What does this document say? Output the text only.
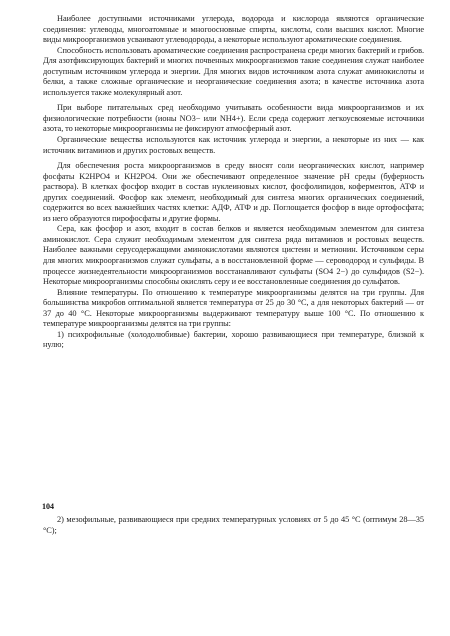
Наиболее доступными источниками углерода, водорода и кислорода являются органические соединения: углеводы, многоатомные и многоосновные спирты, кислоты, соли высших кислот. Многие виды микроорганизмов усваивают углеводороды, а некоторые используют ароматические соединения.

Способность использовать ароматические соединения распространена среди многих бактерий и грибов. Для азотфиксирующих бактерий и многих почвенных микроорганизмов такие соединения служат наиболее доступным источником углерода и энергии. Для многих видов источником азота служат аминокислоты и белки, а также сложные органические и неорганические соединения азота; в качестве источника азота используется также молекулярный азот.

При выборе питательных сред необходимо учитывать особенности вида микроорганизмов и их физиологические потребности (ионы NO3− или NH4+). Если среда содержит легкоусвояемые источники азота, то некоторые микроорганизмы не фиксируют атмосферный азот.

Органические вещества используются как источник углерода и энергии, а некоторые из них — как источник витаминов и других ростовых веществ.

Для обеспечения роста микроорганизмов в среду вносят соли неорганических кислот, например фосфаты K2HPO4 и KH2PO4. Они же обеспечивают определенное значение pH среды (буферность раствора). В клетках фосфор входит в состав нуклеиновых кислот, фосфолипидов, коферментов, АТФ и других соединений. Фосфор как элемент, необходимый для синтеза многих органических соединений, содержится во всех важнейших частях клетки: АДФ, АТФ и др. Поглощается фосфор в виде ортофосфата; из него образуются пирофосфаты и другие формы.

Сера, как фосфор и азот, входит в состав белков и является необходимым элементом для синтеза аминокислот. Сера служит необходимым элементом для синтеза ряда витаминов и ростовых веществ. Наиболее важными серусодержащими аминокислотами являются цистеин и метионин. Источником серы для многих микроорганизмов служат сульфаты, а в восстановленной форме — сероводород и сульфиды. В процессе жизнедеятельности микроорганизмов восстанавливают сульфаты (SO4 2−) до сульфидов (S2−). Некоторые микроорганизмы способны окислять серу и ее восстановленные соединения до сульфатов.

Влияние температуры. По отношению к температуре микроорганизмы делятся на три группы. Для большинства микробов оптимальной является температура от 25 до 30 °С, а для некоторых бактерий — от 37 до 40 °С. Некоторые микроорганизмы выдерживают температуру выше 100 °С. По отношению к температуре микроорганизмы делятся на три группы:

1) психрофильные (холодолюбивые) бактерии, хорошо развивающиеся при температуре, близкой к нулю;

104

2) мезофильные, развивающиеся при средних температурных условиях от 5 до 45 °С (оптимум 28—35 °С);
